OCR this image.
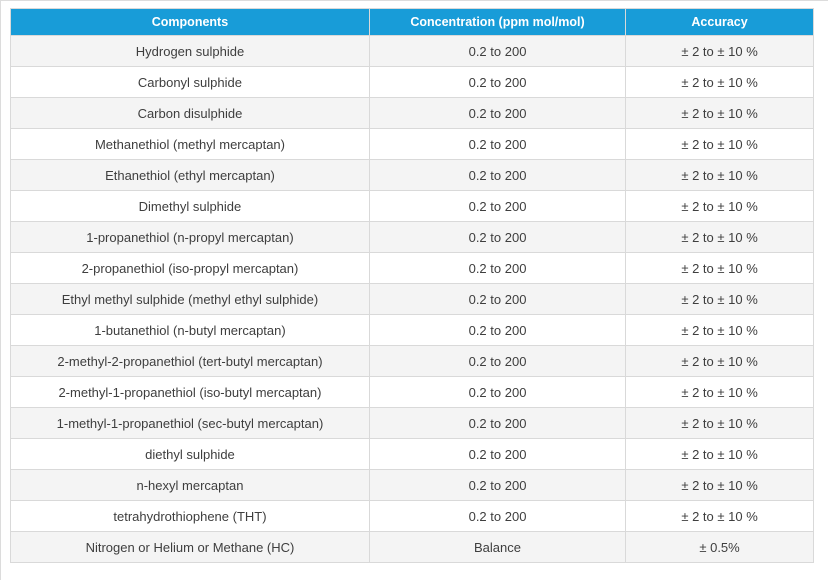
Components	Concentration (ppm mol/mol)	Accuracy
Hydrogen sulphide	0.2 to 200	± 2 to ± 10 %
Carbonyl sulphide	0.2 to 200	± 2 to ± 10 %
Carbon disulphide	0.2 to 200	± 2 to ± 10 %
Methanethiol (methyl mercaptan)	0.2 to 200	± 2 to ± 10 %
Ethanethiol (ethyl mercaptan)	0.2 to 200	± 2 to ± 10 %
Dimethyl sulphide	0.2 to 200	± 2 to ± 10 %
1-propanethiol (n-propyl mercaptan)	0.2 to 200	± 2 to ± 10 %
2-propanethiol (iso-propyl mercaptan)	0.2 to 200	± 2 to ± 10 %
Ethyl methyl sulphide (methyl ethyl sulphide)	0.2 to 200	± 2 to ± 10 %
1-butanethiol (n-butyl mercaptan)	0.2 to 200	± 2 to ± 10 %
2-methyl-2-propanethiol (tert-butyl mercaptan)	0.2 to 200	± 2 to ± 10 %
2-methyl-1-propanethiol (iso-butyl mercaptan)	0.2 to 200	± 2 to ± 10 %
1-methyl-1-propanethiol (sec-butyl mercaptan)	0.2 to 200	± 2 to ± 10 %
diethyl sulphide	0.2 to 200	± 2 to ± 10 %
n-hexyl mercaptan	0.2 to 200	± 2 to ± 10 %
tetrahydrothiophene (THT)	0.2 to 200	± 2 to ± 10 %
Nitrogen or Helium or Methane (HC)	Balance	± 0.5%
